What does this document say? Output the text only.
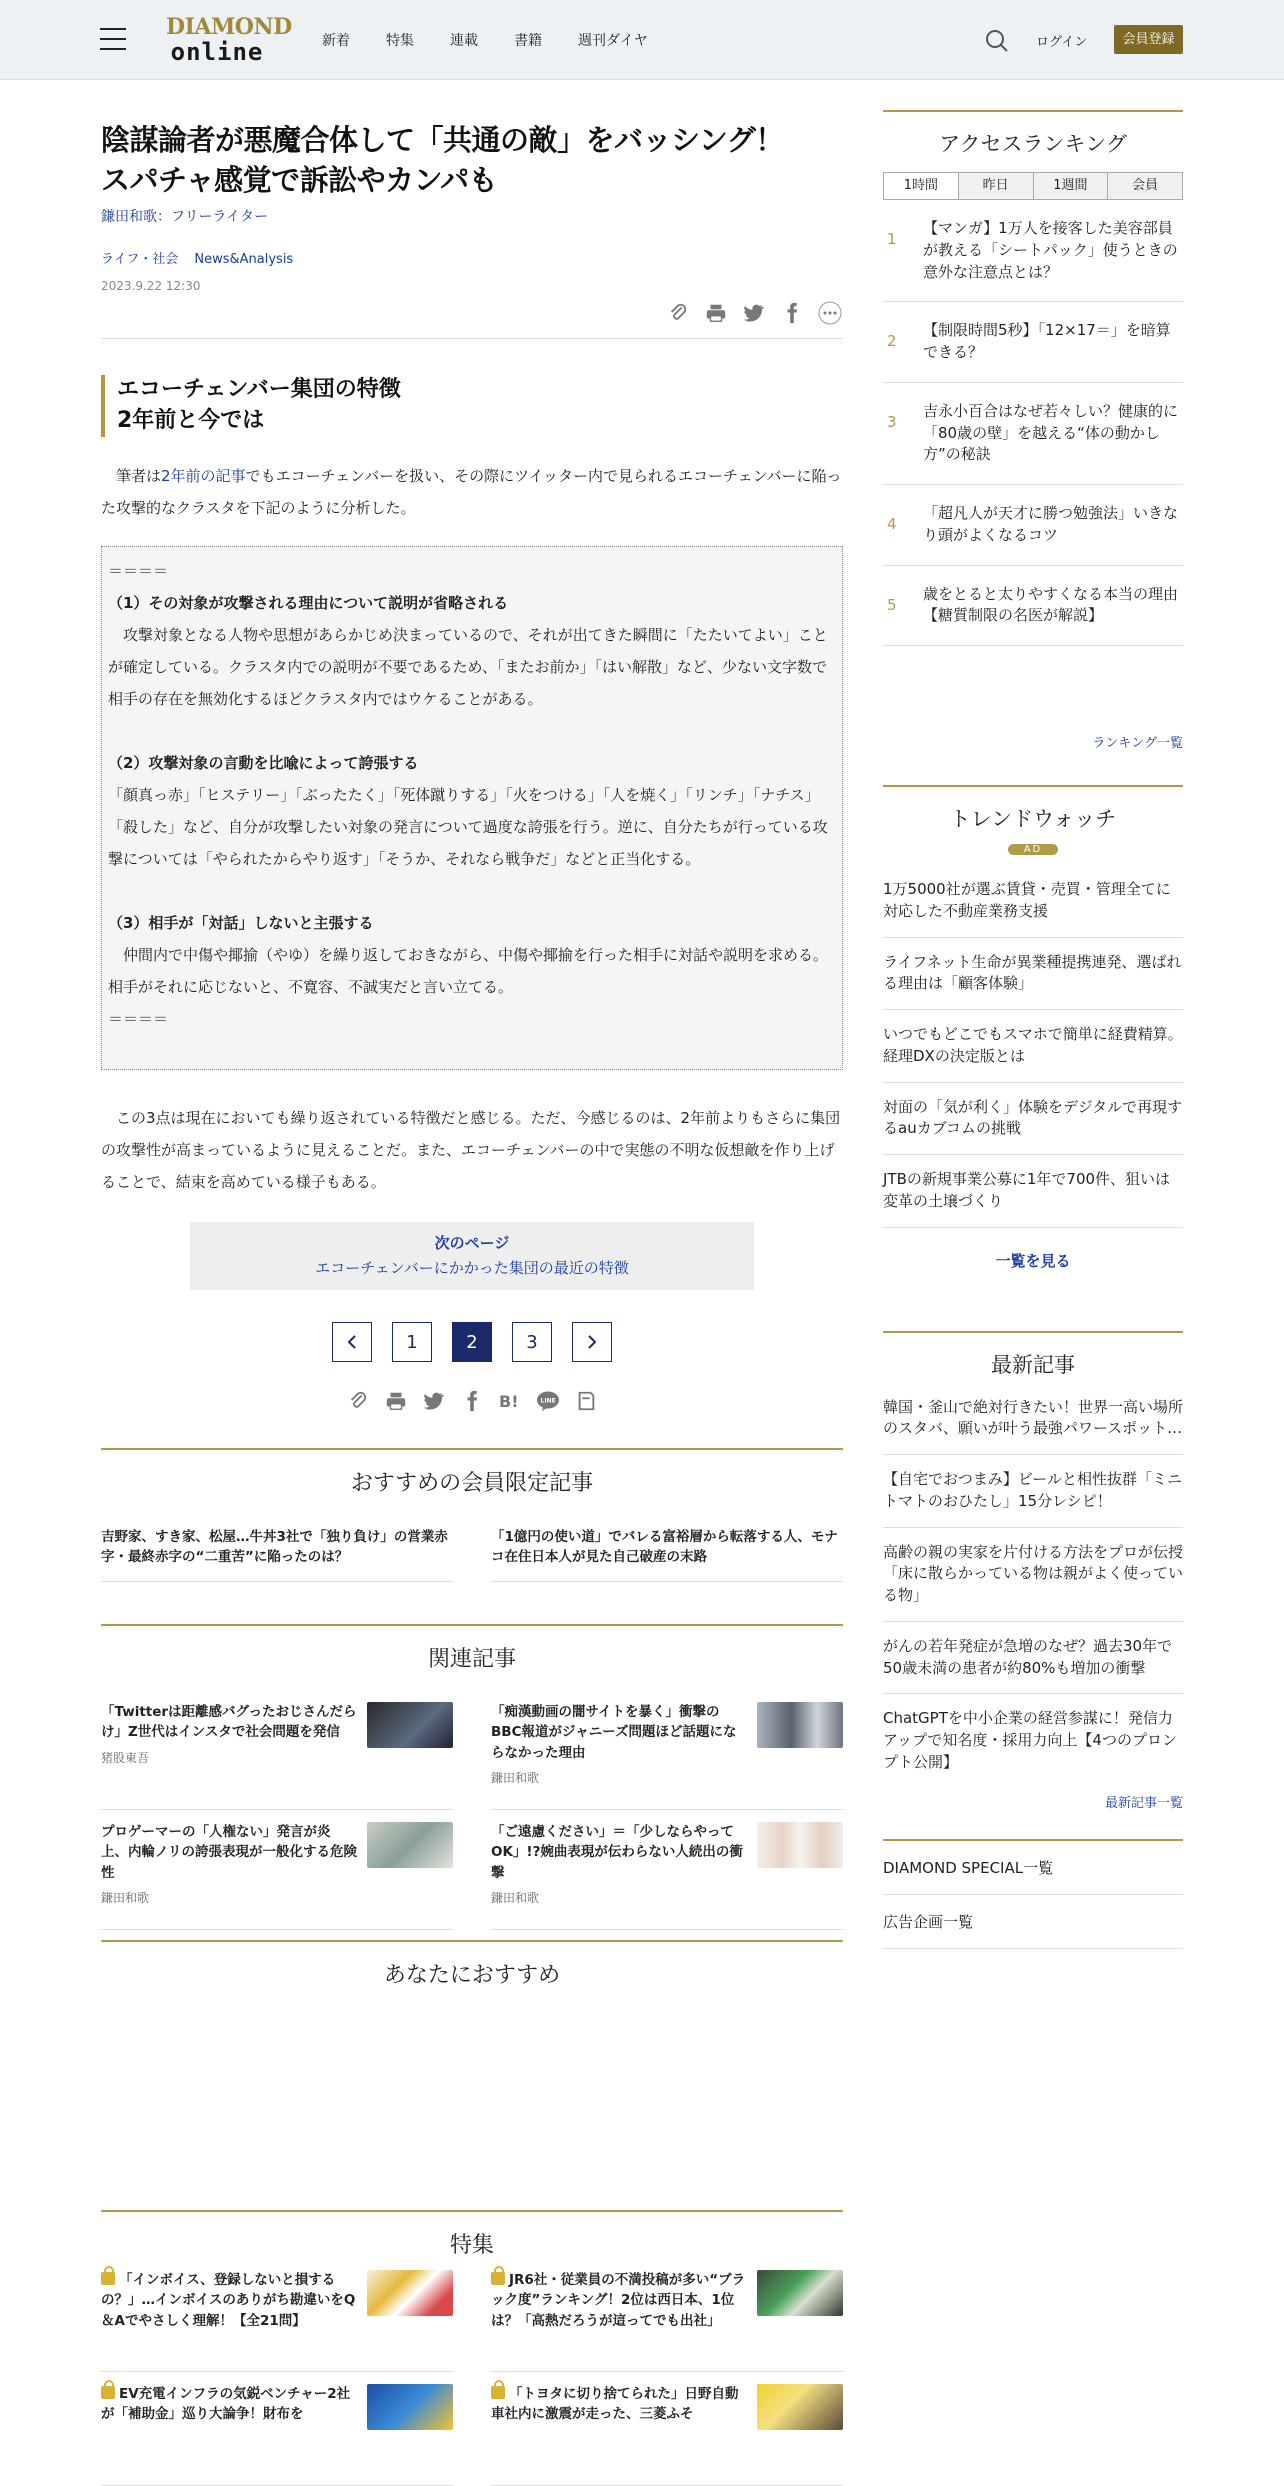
DIAMOND
online	新着	特集	連載	書籍	週刊ダイヤ	ログイン	会員登録
陰謀論者が悪魔合体して「共通の敵」をバッシング！
スパチャ感覚で訴訟やカンパも
鎌田和歌：フリーライター
ライフ・社会 News&Analysis
2023.9.22 12:30
エコーチェンバー集団の特徴
2年前と今では

　筆者は2年前の記事でもエコーチェンバーを扱い、その際にツイッター内で見られるエコーチェンバーに陥った攻撃的なクラスタを下記のように分析した。

＝＝＝＝
（1）その対象が攻撃される理由について説明が省略される
　攻撃対象となる人物や思想があらかじめ決まっているので、それが出てきた瞬間に「たたいてよい」ことが確定している。クラスタ内での説明が不要であるため、「またお前か」「はい解散」など、少ない文字数で相手の存在を無効化するほどクラスタ内ではウケることがある。

（2）攻撃対象の言動を比喩によって誇張する
「顔真っ赤」「ヒステリー」「ぶったたく」「死体蹴りする」「火をつける」「人を焼く」「リンチ」「ナチス」「殺した」など、自分が攻撃したい対象の発言について過度な誇張を行う。逆に、自分たちが行っている攻撃については「やられたからやり返す」「そうか、それなら戦争だ」などと正当化する。

（3）相手が「対話」しないと主張する
　仲間内で中傷や揶揄（やゆ）を繰り返しておきながら、中傷や揶揄を行った相手に対話や説明を求める。相手がそれに応じないと、不寛容、不誠実だと言い立てる。
＝＝＝＝

　この3点は現在においても繰り返されている特徴だと感じる。ただ、今感じるのは、2年前よりもさらに集団の攻撃性が高まっているように見えることだ。また、エコーチェンバーの中で実態の不明な仮想敵を作り上げることで、結束を高めている様子もある。

次のページ
エコーチェンバーにかかった集団の最近の特徴
1	2	3
B!	LINE
おすすめの会員限定記事
吉野家、すき家、松屋…牛丼3社で「独り負け」の営業赤字・最終赤字の“二重苦”に陥ったのは？
「1億円の使い道」でバレる富裕層から転落する人、モナコ在住日本人が見た自己破産の末路
関連記事
「Twitterは距離感バグったおじさんだらけ」Z世代はインスタで社会問題を発信
猪股東吾
「痴漢動画の闇サイトを暴く」衝撃のBBC報道がジャニーズ問題ほど話題にならなかった理由
鎌田和歌
プロゲーマーの「人権ない」発言が炎上、内輪ノリの誇張表現が一般化する危険性
鎌田和歌
「ご遠慮ください」＝「少しならやってOK」!?婉曲表現が伝わらない人続出の衝撃
鎌田和歌
あなたにおすすめ
特集
「インボイス、登録しないと損するの？」…インボイスのありがち勘違いをQ＆Aでやさしく理解！【全21問】
JR6社・従業員の不満投稿が多い“ブラック度”ランキング！2位は西日本、1位は？「高熱だろうが這ってでも出社」
EV充電インフラの気鋭ベンチャー2社が「補助金」巡り大論争！財布を
「トヨタに切り捨てられた」日野自動車社内に激震が走った、三菱ふそ
アクセスランキング
1時間	昨日	1週間	会員
1
【マンガ】1万人を接客した美容部員が教える「シートパック」使うときの意外な注意点とは？
2
【制限時間5秒】「12×17＝」を暗算できる？
3
吉永小百合はなぜ若々しい？健康的に「80歳の壁」を越える“体の動かし方”の秘訣
4
「超凡人が天才に勝つ勉強法」いきなり頭がよくなるコツ
5
歳をとると太りやすくなる本当の理由【糖質制限の名医が解説】
ランキング一覧
トレンドウォッチ
AD
1万5000社が選ぶ賃貸・売買・管理全てに対応した不動産業務支援
ライフネット生命が異業種提携連発、選ばれる理由は「顧客体験」
いつでもどこでもスマホで簡単に経費精算。経理DXの決定版とは
対面の「気が利く」体験をデジタルで再現するauカブコムの挑戦
JTBの新規事業公募に1年で700件、狙いは変革の土壌づくり
一覧を見る
最新記事
韓国・釜山で絶対行きたい！世界一高い場所のスタバ、願いが叶う最強パワースポット…
【自宅でおつまみ】ビールと相性抜群「ミニトマトのおひたし」15分レシピ！
高齢の親の実家を片付ける方法をプロが伝授「床に散らかっている物は親がよく使っている物」
がんの若年発症が急増のなぜ？過去30年で50歳未満の患者が約80%も増加の衝撃
ChatGPTを中小企業の経営参謀に！発信力アップで知名度・採用力向上【4つのプロンプト公開】
最新記事一覧
DIAMOND SPECIAL一覧
広告企画一覧
